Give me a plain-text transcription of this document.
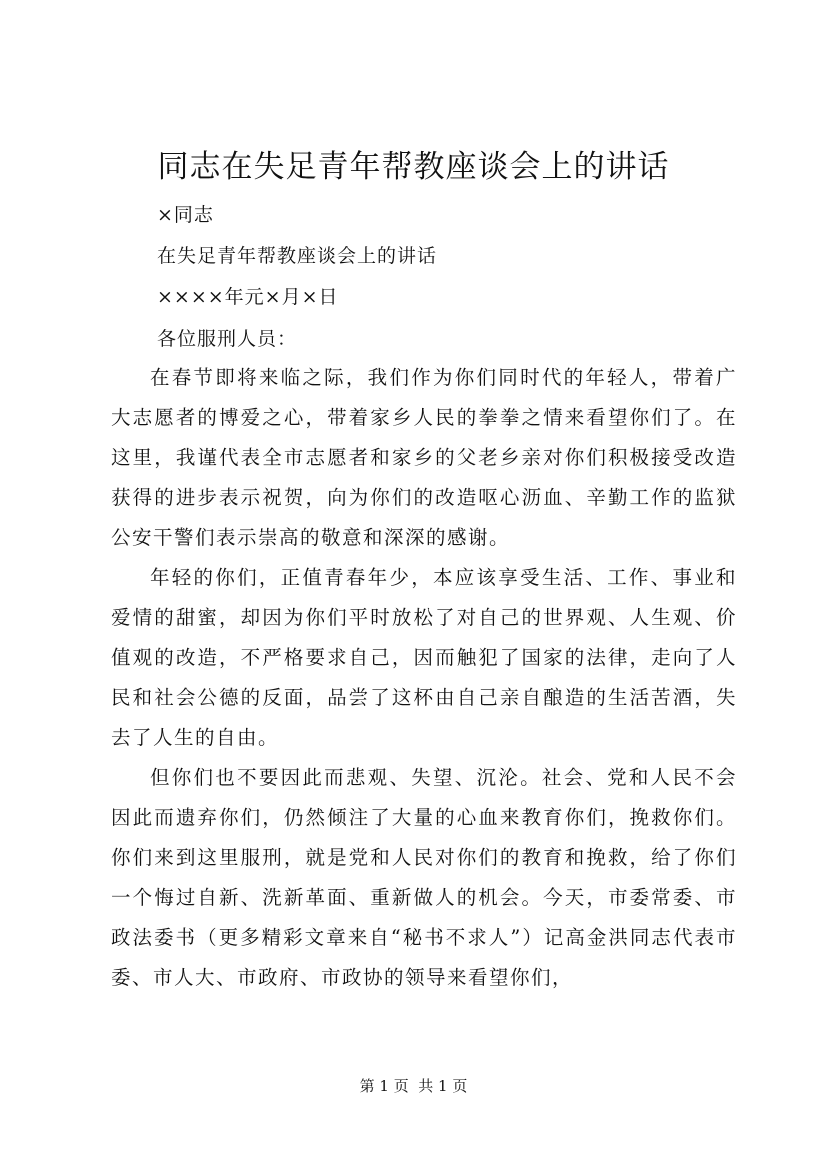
同志在失足青年帮教座谈会上的讲话
×同志
在失足青年帮教座谈会上的讲话
××××年元×月×日
各位服刑人员：

在春节即将来临之际，我们作为你们同时代的年轻人，带着广大志愿者的博爱之心，带着家乡人民的拳拳之情来看望你们了。在这里，我谨代表全市志愿者和家乡的父老乡亲对你们积极接受改造获得的进步表示祝贺，向为你们的改造呕心沥血、辛勤工作的监狱公安干警们表示崇高的敬意和深深的感谢。

年轻的你们，正值青春年少，本应该享受生活、工作、事业和爱情的甜蜜，却因为你们平时放松了对自己的世界观、人生观、价值观的改造，不严格要求自己，因而触犯了国家的法律，走向了人民和社会公德的反面，品尝了这杯由自己亲自酿造的生活苦酒，失去了人生的自由。

但你们也不要因此而悲观、失望、沉沦。社会、党和人民不会因此而遗弃你们，仍然倾注了大量的心血来教育你们，挽救你们。你们来到这里服刑，就是党和人民对你们的教育和挽救，给了你们一个悔过自新、洗新革面、重新做人的机会。今天，市委常委、市政法委书（更多精彩文章来自“秘书不求人”）记高金洪同志代表市委、市人大、市政府、市政协的领导来看望你们，

第 1 页  共 1 页
